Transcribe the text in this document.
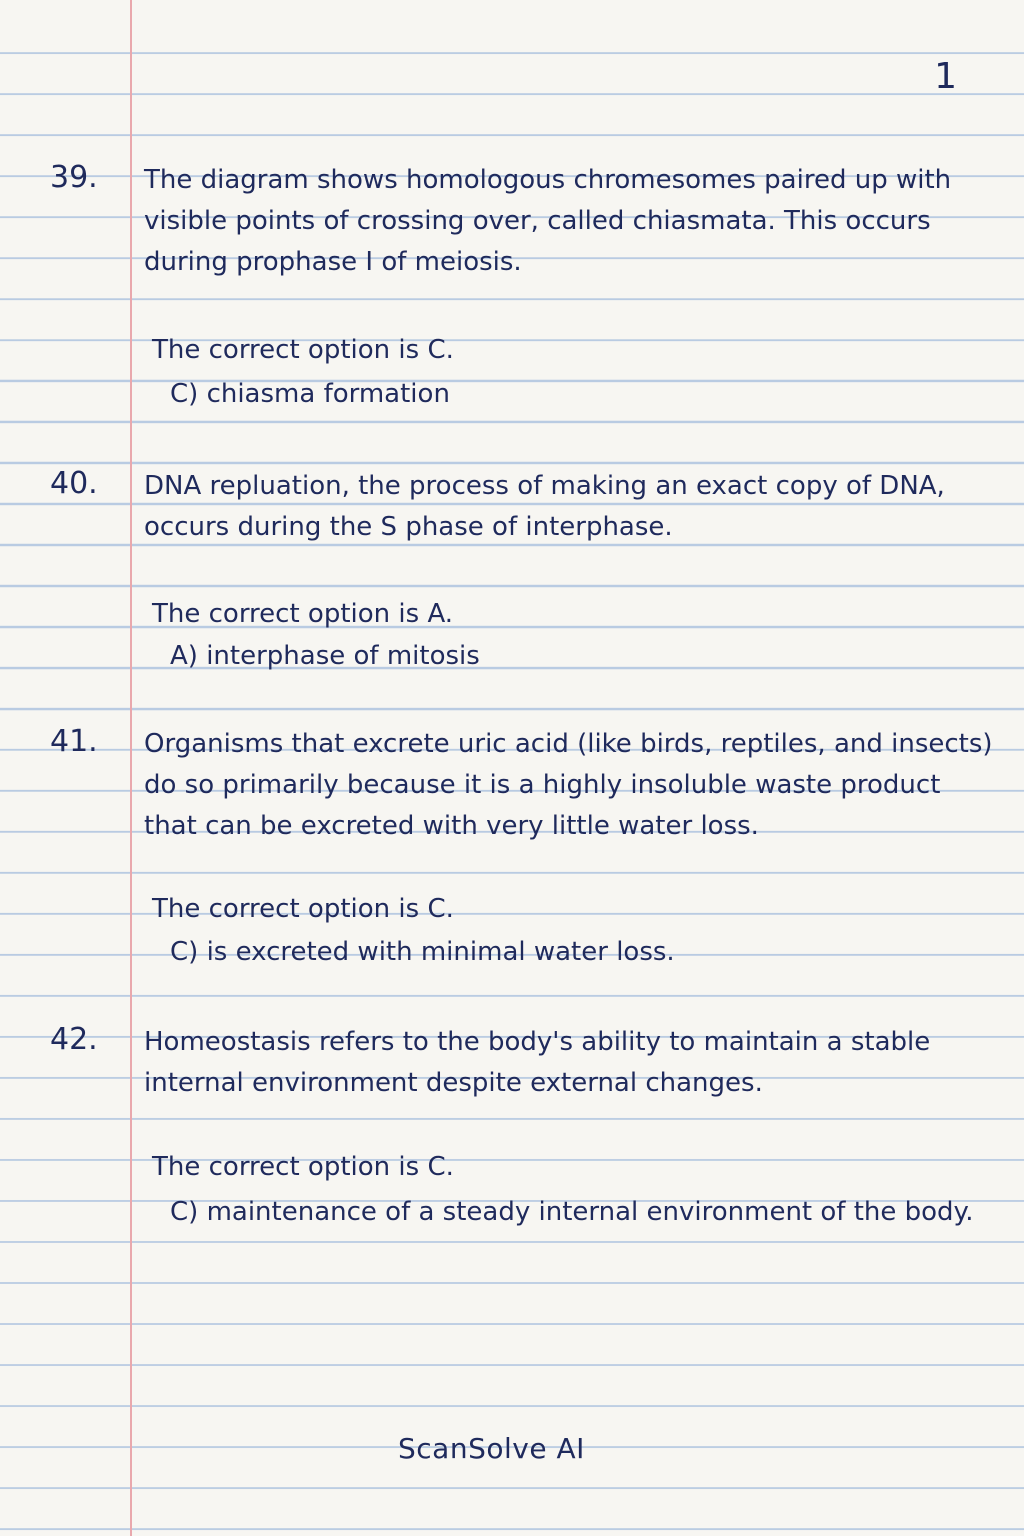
1
39. The diagram shows homologous chromesomes paired up with
visible points of crossing over, called chiasmata. This occurs
during prophase I of meiosis.
The correct option is C.
C) chiasma formation
40. DNA repluation, the process of making an exact copy of DNA,
occurs during the S phase of interphase.
The correct option is A.
A) interphase of mitosis
41. Organisms that excrete uric acid (like birds, reptiles, and insects)
do so primarily because it is a highly insoluble waste product
that can be excreted with very little water loss.
The correct option is C.
C) is excreted with minimal water loss.
42. Homeostasis refers to the body's ability to maintain a stable
internal environment despite external changes.
The correct option is C.
C) maintenance of a steady internal environment of the body.
ScanSolve AI
